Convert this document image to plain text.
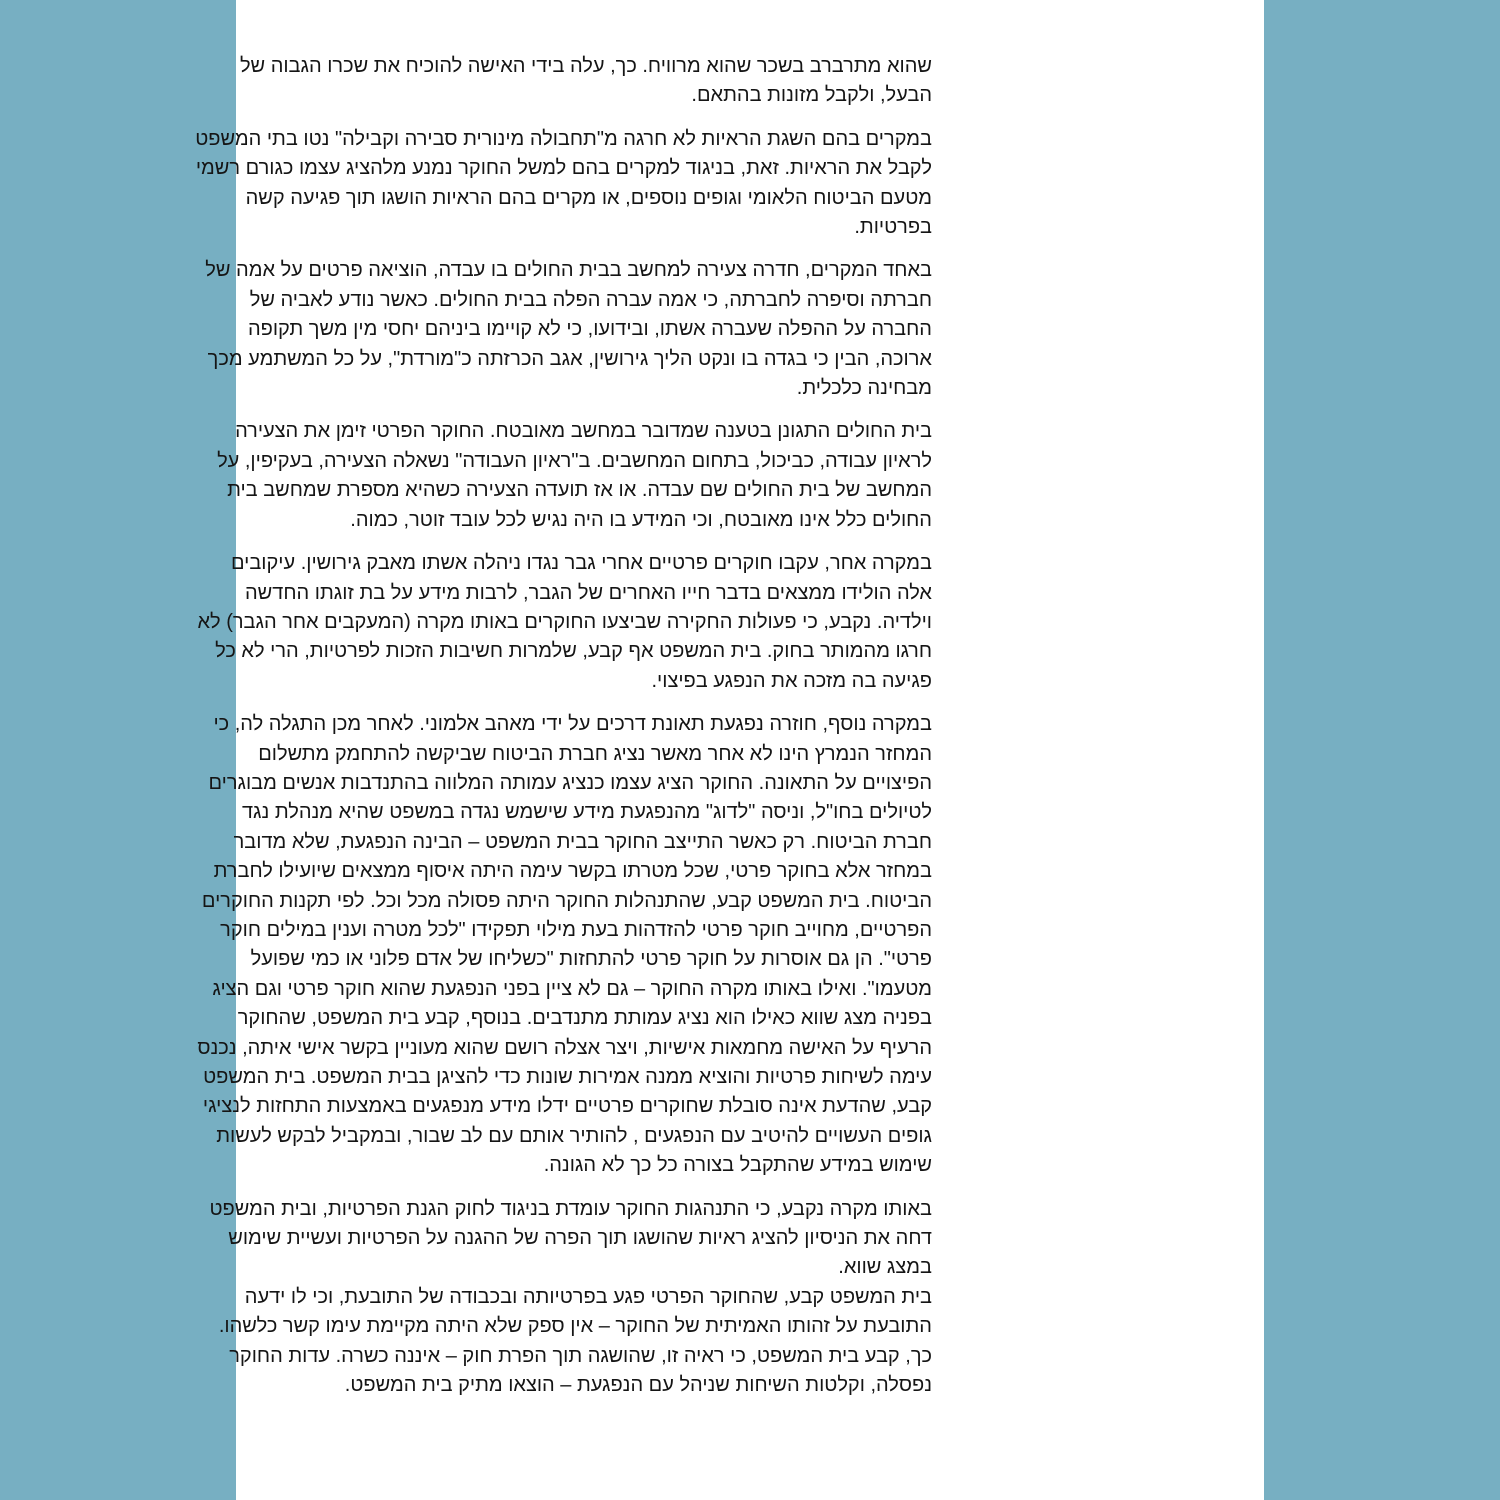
שהוא מתרברב בשכר שהוא מרוויח. כך, עלה בידי האישה להוכיח את שכרו הגבוה של
הבעל, ולקבל מזונות בהתאם.
במקרים בהם השגת הראיות לא חרגה מ"תחבולה מינורית סבירה וקבילה" נטו בתי המשפט
לקבל את הראיות. זאת, בניגוד למקרים בהם למשל החוקר נמנע מלהציג עצמו כגורם רשמי
מטעם הביטוח הלאומי וגופים נוספים, או מקרים בהם הראיות הושגו תוך פגיעה קשה
בפרטיות.
באחד המקרים, חדרה צעירה למחשב בבית החולים בו עבדה, הוציאה פרטים על אמה של
חברתה וסיפרה לחברתה, כי אמה עברה הפלה בבית החולים. כאשר נודע לאביה של
החברה על ההפלה שעברה אשתו, ובידועו, כי לא קויימו ביניהם יחסי מין משך תקופה
ארוכה, הבין כי בגדה בו ונקט הליך גירושין, אגב הכרזתה כ"מורדת", על כל המשתמע מכך
מבחינה כלכלית.
בית החולים התגונן בטענה שמדובר במחשב מאובטח. החוקר הפרטי זימן את הצעירה
לראיון עבודה, כביכול, בתחום המחשבים. ב"ראיון העבודה" נשאלה הצעירה, בעקיפין, על
המחשב של בית החולים שם עבדה. או אז תועדה הצעירה כשהיא מספרת שמחשב בית
החולים כלל אינו מאובטח, וכי המידע בו היה נגיש לכל עובד זוטר, כמוה.
במקרה אחר, עקבו חוקרים פרטיים אחרי גבר נגדו ניהלה אשתו מאבק גירושין. עיקובים
אלה הולידו ממצאים בדבר חייו האחרים של הגבר, לרבות מידע על בת זוגתו החדשה
וילדיה. נקבע, כי פעולות החקירה שביצעו החוקרים באותו מקרה (המעקבים אחר הגבר) לא
חרגו מהמותר בחוק. בית המשפט אף קבע, שלמרות חשיבות הזכות לפרטיות, הרי לא כל
פגיעה בה מזכה את הנפגע בפיצוי.
במקרה נוסף, חוזרה נפגעת תאונת דרכים על ידי מאהב אלמוני. לאחר מכן התגלה לה, כי
המחזר הנמרץ הינו לא אחר מאשר נציג חברת הביטוח שביקשה להתחמק מתשלום
הפיצויים על התאונה. החוקר הציג עצמו כנציג עמותה המלווה בהתנדבות אנשים מבוגרים
לטיולים בחו"ל, וניסה "לדוג" מהנפגעת מידע שישמש נגדה במשפט שהיא מנהלת נגד
חברת הביטוח. רק כאשר התייצב החוקר בבית המשפט – הבינה הנפגעת, שלא מדובר
במחזר אלא בחוקר פרטי, שכל מטרתו בקשר עימה היתה איסוף ממצאים שיועילו לחברת
הביטוח. בית המשפט קבע, שהתנהלות החוקר היתה פסולה מכל וכל. לפי תקנות החוקרים
הפרטיים, מחוייב חוקר פרטי להזדהות בעת מילוי תפקידו "לכל מטרה וענין במילים חוקר
פרטי". הן גם אוסרות על חוקר פרטי להתחזות "כשליחו של אדם פלוני או כמי שפועל
מטעמו". ואילו באותו מקרה החוקר – גם לא ציין בפני הנפגעת שהוא חוקר פרטי וגם הציג
בפניה מצג שווא כאילו הוא נציג עמותת מתנדבים. בנוסף, קבע בית המשפט, שהחוקר
הרעיף על האישה מחמאות אישיות, ויצר אצלה רושם שהוא מעוניין בקשר אישי איתה, נכנס
עימה לשיחות פרטיות והוציא ממנה אמירות שונות כדי להציגן בבית המשפט. בית המשפט
קבע, שהדעת אינה סובלת שחוקרים פרטיים ידלו מידע מנפגעים באמצעות התחזות לנציגי
גופים העשויים להיטיב עם הנפגעים , להותיר אותם עם לב שבור, ובמקביל לבקש לעשות
שימוש במידע שהתקבל בצורה כל כך לא הגונה.
באותו מקרה נקבע, כי התנהגות החוקר עומדת בניגוד לחוק הגנת הפרטיות, ובית המשפט
דחה את הניסיון להציג ראיות שהושגו תוך הפרה של ההגנה על הפרטיות ועשיית שימוש
במצג שווא.
בית המשפט קבע, שהחוקר הפרטי פגע בפרטיותה ובכבודה של התובעת, וכי לו ידעה
התובעת על זהותו האמיתית של החוקר – אין ספק שלא היתה מקיימת עימו קשר כלשהו.
כך, קבע בית המשפט, כי ראיה זו, שהושגה תוך הפרת חוק – איננה כשרה. עדות החוקר
נפסלה, וקלטות השיחות שניהל עם הנפגעת – הוצאו מתיק בית המשפט.
